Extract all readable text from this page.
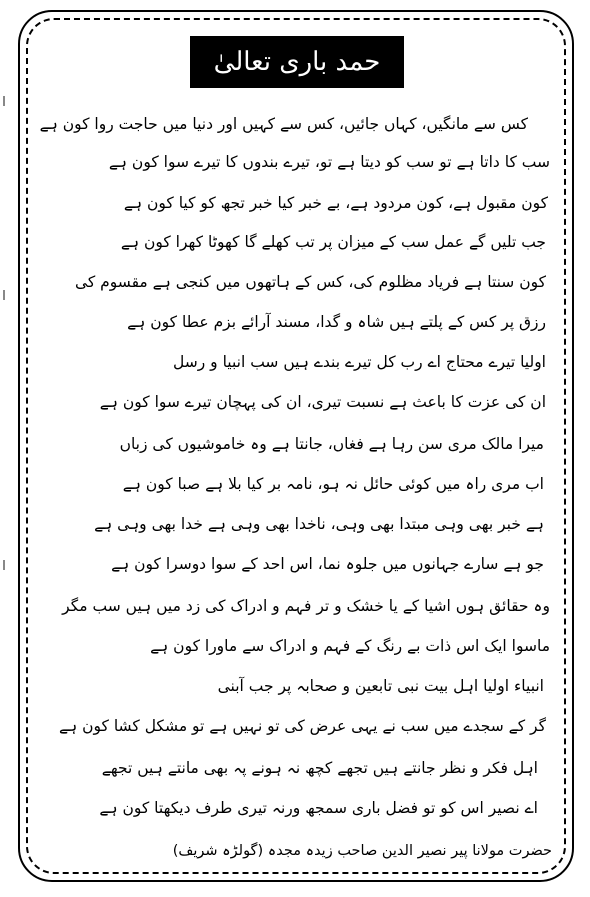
حمد باری تعالیٰ
کس سے مانگیں، کہاں جائیں، کس سے کہیں اور دنیا میں حاجت روا کون ہے
سب کا داتا ہے تو سب کو دیتا ہے تو، تیرے بندوں کا تیرے سوا کون ہے
کون مقبول ہے، کون مردود ہے، بے خبر کیا خبر تجھ کو کیا کون ہے
جب تلیں گے عمل سب کے میزان پر تب کھلے گا کھوٹا کھرا کون ہے
کون سنتا ہے فریاد مظلوم کی، کس کے ہاتھوں میں کنجی ہے مقسوم کی
رزق پر کس کے پلتے ہیں شاہ و گدا، مسند آرائے بزم عطا کون ہے
اولیا تیرے محتاج اے رب کل تیرے بندے ہیں سب انبیا و رسل
ان کی عزت کا باعث ہے نسبت تیری، ان کی پہچان تیرے سوا کون ہے
میرا مالک مری سن رہا ہے فغاں، جانتا ہے وہ خاموشیوں کی زباں
اب مری راہ میں کوئی حائل نہ ہو، نامہ بر کیا بلا ہے صبا کون ہے
ہے خبر بھی وہی مبتدا بھی وہی، ناخدا بھی وہی ہے خدا بھی وہی ہے
جو ہے سارے جہانوں میں جلوہ نما، اس احد کے سوا دوسرا کون ہے
وہ حقائق ہوں اشیا کے یا خشک و تر فہم و ادراک کی زد میں ہیں سب مگر
ماسوا ایک اس ذات بے رنگ کے فہم و ادراک سے ماورا کون ہے
انبیاء اولیا اہل بیت نبی تابعین و صحابہ پر جب آبنی
گر کے سجدے میں سب نے یہی عرض کی تو نہیں ہے تو مشکل کشا کون ہے
اہل فکر و نظر جانتے ہیں تجھے کچھ نہ ہونے پہ بھی مانتے ہیں تجھے
اے نصیر اس کو تو فضل باری سمجھ ورنہ تیری طرف دیکھتا کون ہے
حضرت مولانا پیر نصیر الدین صاحب زیدہ مجدہ (گولڑہ شریف)
